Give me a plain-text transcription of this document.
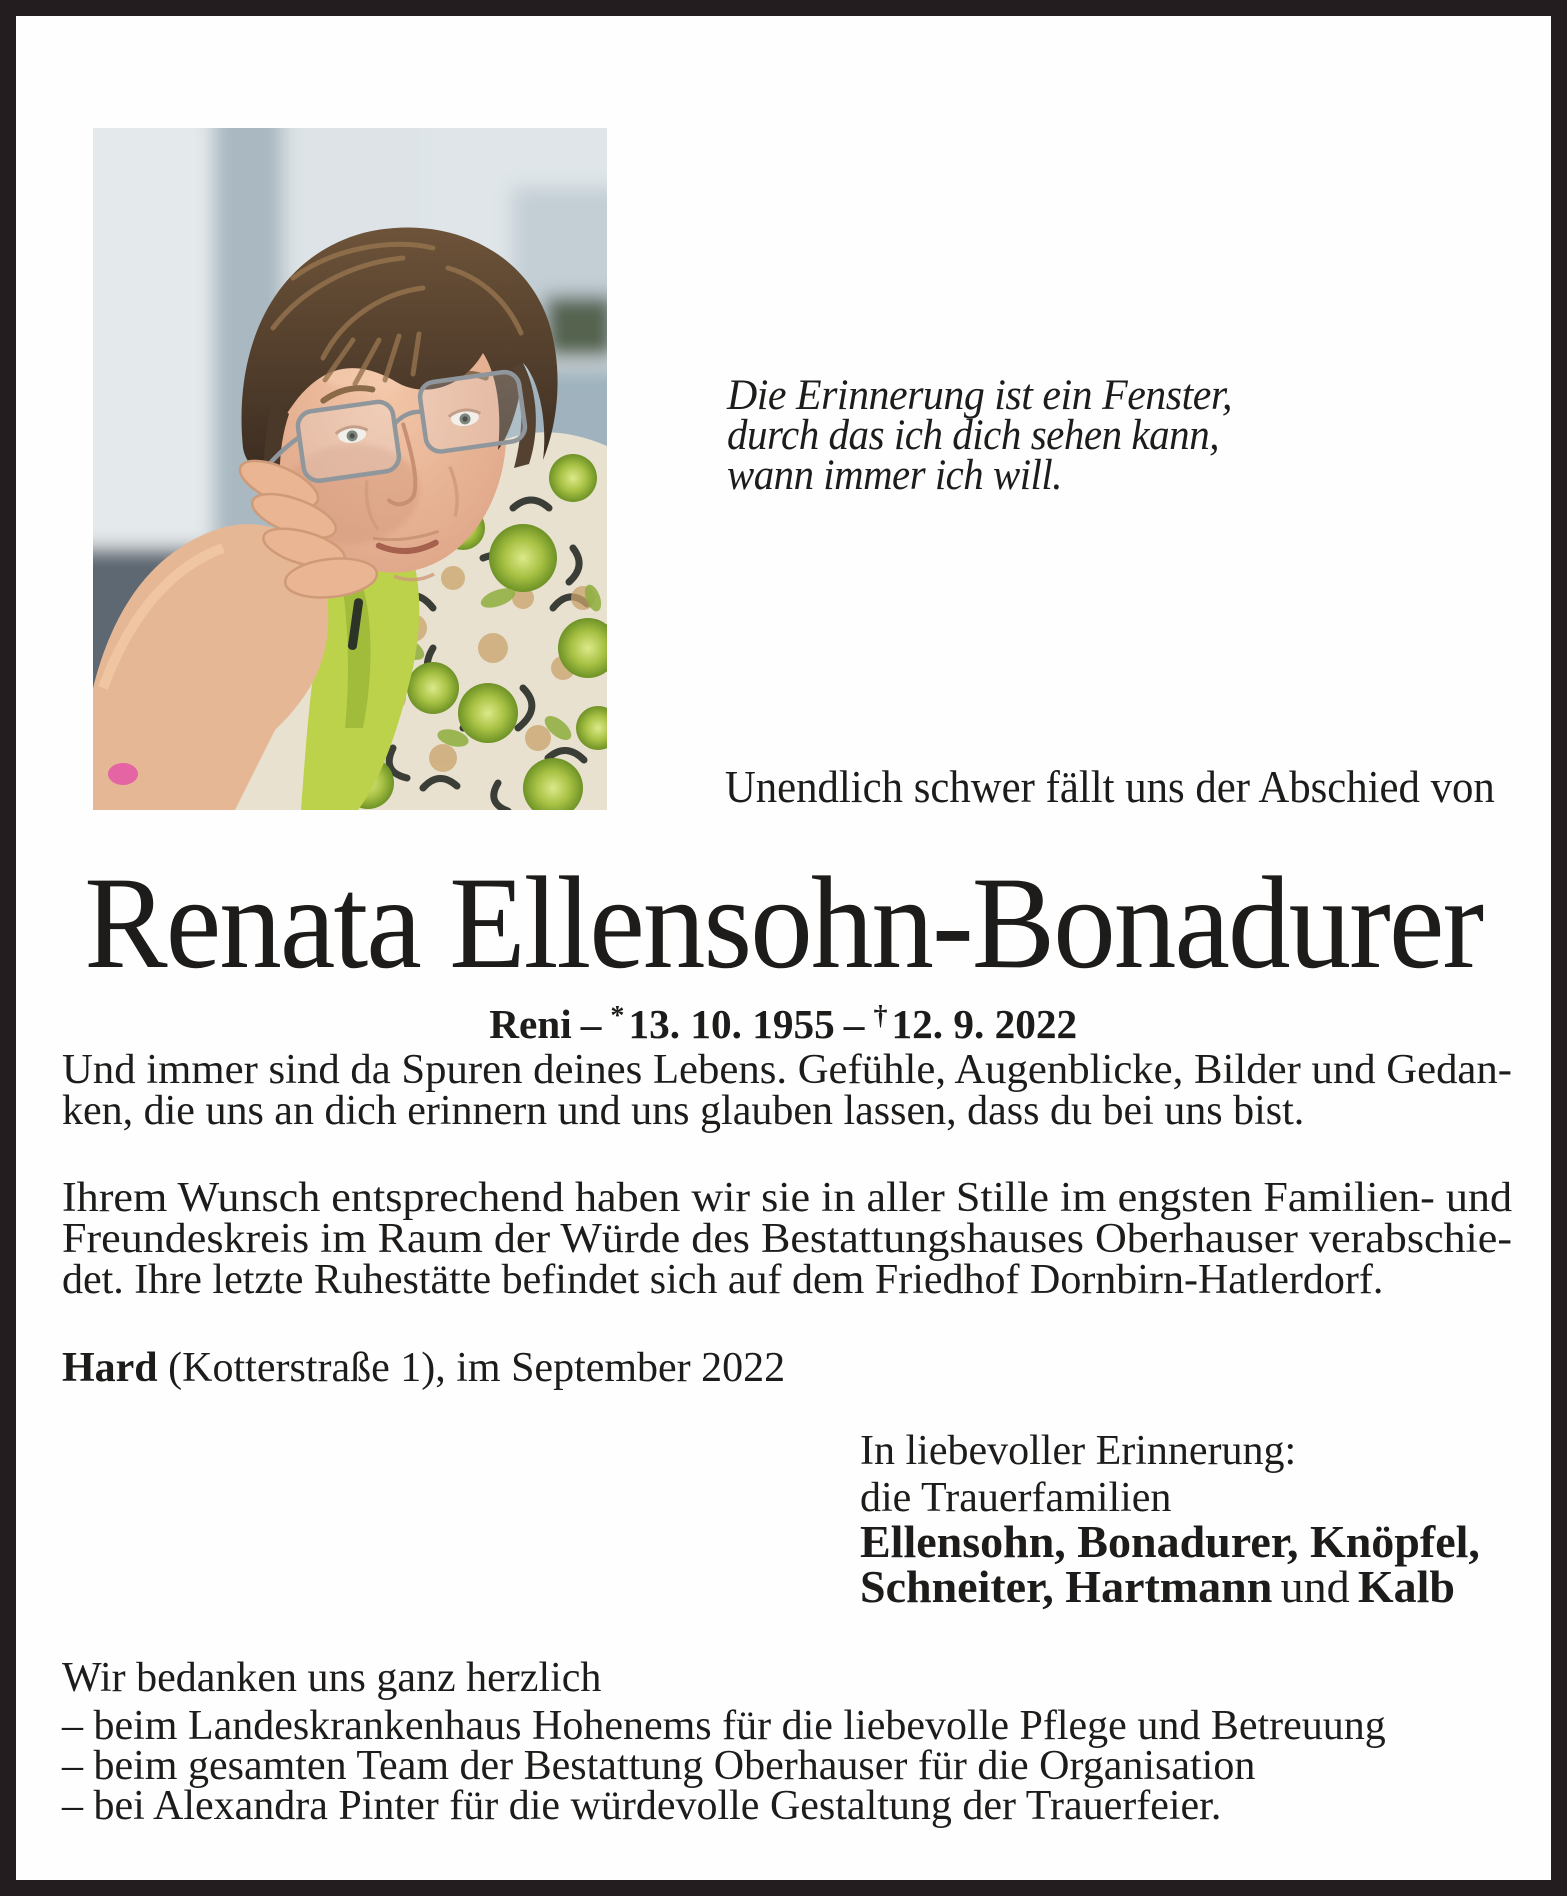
Die Erinnerung ist ein Fenster,
durch das ich dich sehen kann,
wann immer ich will.
Unendlich schwer fällt uns der Abschied von
Renata Ellensohn-Bonadurer
Reni – *13. 10. 1955 – †12. 9. 2022
Und immer sind da Spuren deines Lebens. Gefühle, Augenblicke, Bilder und Gedan-
ken, die uns an dich erinnern und uns glauben lassen, dass du bei uns bist.
Ihrem Wunsch entsprechend haben wir sie in aller Stille im engsten Familien- und
Freundeskreis im Raum der Würde des Bestattungshauses Oberhauser verabschie-
det. Ihre letzte Ruhestätte befindet sich auf dem Friedhof Dornbirn-Hatlerdorf.
Hard (Kotterstraße 1), im September 2022
In liebevoller Erinnerung:
die Trauerfamilien
Ellensohn, Bonadurer, Knöpfel,
Schneiter, Hartmann und Kalb
Wir bedanken uns ganz herzlich
– beim Landeskrankenhaus Hohenems für die liebevolle Pflege und Betreuung
– beim gesamten Team der Bestattung Oberhauser für die Organisation
– bei Alexandra Pinter für die würdevolle Gestaltung der Trauerfeier.
